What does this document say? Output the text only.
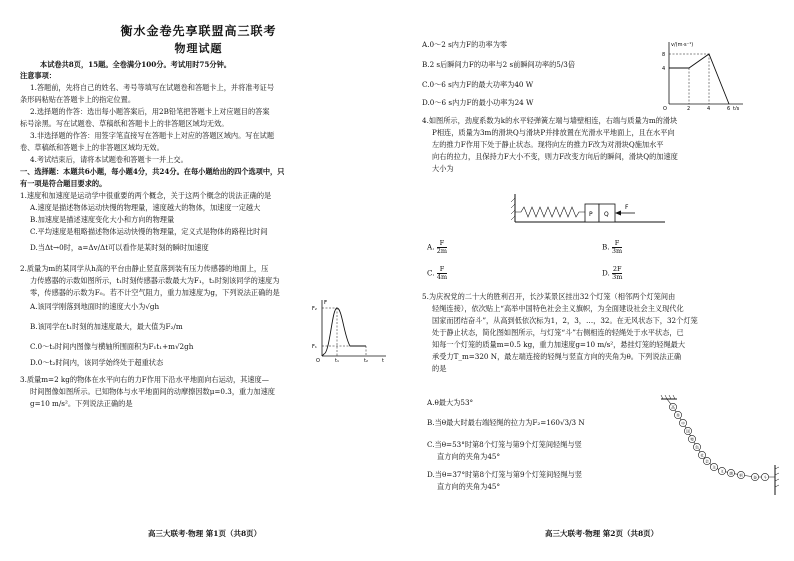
衡水金卷先享联盟高三联考
物理试题
本试卷共8页，15题。全卷满分100分。考试用时75分钟。
注意事项：
1.答题前，先将自己的姓名、考号等填写在试题卷和答题卡上，并将准考证号
条形码粘贴在答题卡上的指定位置。
2.选择题的作答：选出每小题答案后，用2B铅笔把答题卡上对应题目的答案
标号涂黑。写在试题卷、草稿纸和答题卡上的非答题区域均无效。
3.非选择题的作答：用签字笔直接写在答题卡上对应的答题区域内。写在试题
卷、草稿纸和答题卡上的非答题区域均无效。
4.考试结束后，请将本试题卷和答题卡一并上交。
一、选择题：本题共6小题，每小题4分，共24分。在每小题给出的四个选项中，只
有一项是符合题目要求的。
1.速度和加速度是运动学中很重要的两个概念，关于这两个概念的说法正确的是
A.速度是描述物体运动快慢的物理量，速度越大的物体，加速度一定越大
B.加速度是描述速度变化大小和方向的物理量
C.平均速度是粗略描述物体运动快慢的物理量，定义式是物体的路程比时间
D.当Δt→0时，a=Δv/Δt可以看作是某时刻的瞬时加速度
2.质量为m的某同学从h高的平台由静止竖直落到装有压力传感器的地面上，压
力传感器的示数如图所示，t₁时刻传感器示数最大为F₁，t₂时刻该同学的速度为
零，传感器的示数为F₀。若不计空气阻力，重力加速度为g，下列说法正确的是
A.该同学刚落到地面时的速度大小为√gh
B.该同学在t₁时刻的加速度最大，最大值为F₂/m
C.0～t₂时间内图像与横轴所围面积为F₁t₁+m√2gh
D.0～t₂时间内，该同学始终处于超重状态
F
F₂
F₁
t₁	t₂	t
O
3.质量m=2 kg的物体在水平向右的力F作用下沿水平地面向右运动，其速度—
时间图像如图所示。已知物体与水平地面间的动摩擦因数μ=0.3，重力加速度
g=10 m/s²。下列说法正确的是
高三大联考·物理 第1页（共8页）
A.0～2 s内力F的功率为零
B.2 s后瞬间力F的功率与2 s前瞬间功率的5/3倍
C.0～6 s内力F的最大功率为40 W
D.0～6 s内力F的最小功率为24 W
v/(m·s⁻¹)
8
4
2	4	6 t/s
O
4.如图所示，劲度系数为k的水平轻弹簧左端与墙壁相连，右端与质量为m的滑块
P相连，质量为3m的滑块Q与滑块P并排放置在光滑水平地面上，且在水平向
左的推力F作用下处于静止状态。现将向左的推力F改为对滑块Q施加水平
向右的拉力，且保持力F大小不变，则力F改变方向后的瞬间，滑块Q的加速度
大小为
P Q
F
A. $\frac{F}{2m}$	B. $\frac{F}{3m}$
C. $\frac{F}{4m}$	D. $\frac{2F}{3m}$
5.为庆祝党的二十大的胜利召开，长沙某景区挂出32个灯笼（相邻两个灯笼间由
轻绳连接），依次贴上“高举中国特色社会主义旗帜，为全面建设社会主义现代化
国家而团结奋斗”，从高到低依次标为1，2，3，…，32。在无风状态下，32个灯笼
处于静止状态，简化图如图所示，与灯笼“斗”右侧相连的轻绳处于水平状态，已
知每一个灯笼的质量m=0.5 kg，重力加速度g=10 m/s²，悬挂灯笼的轻绳最大
承受力T_m=320 N，最左端连接的轻绳与竖直方向的夹角为θ。下列说法正确
的是
A.θ最大为53°
B.当θ最大时最右端轻绳的拉力为F₂=160√3/3 N
C.当θ=53°时第8个灯笼与第9个灯笼间轻绳与竖
直方向的夹角为45°
D.当θ=37°时第8个灯笼与第9个灯笼间轻绳与竖
直方向的夹角为45°
高
举
中
国
特
色
社
会
主
义 旗 帜	奋 斗
高三大联考·物理 第2页（共8页）
